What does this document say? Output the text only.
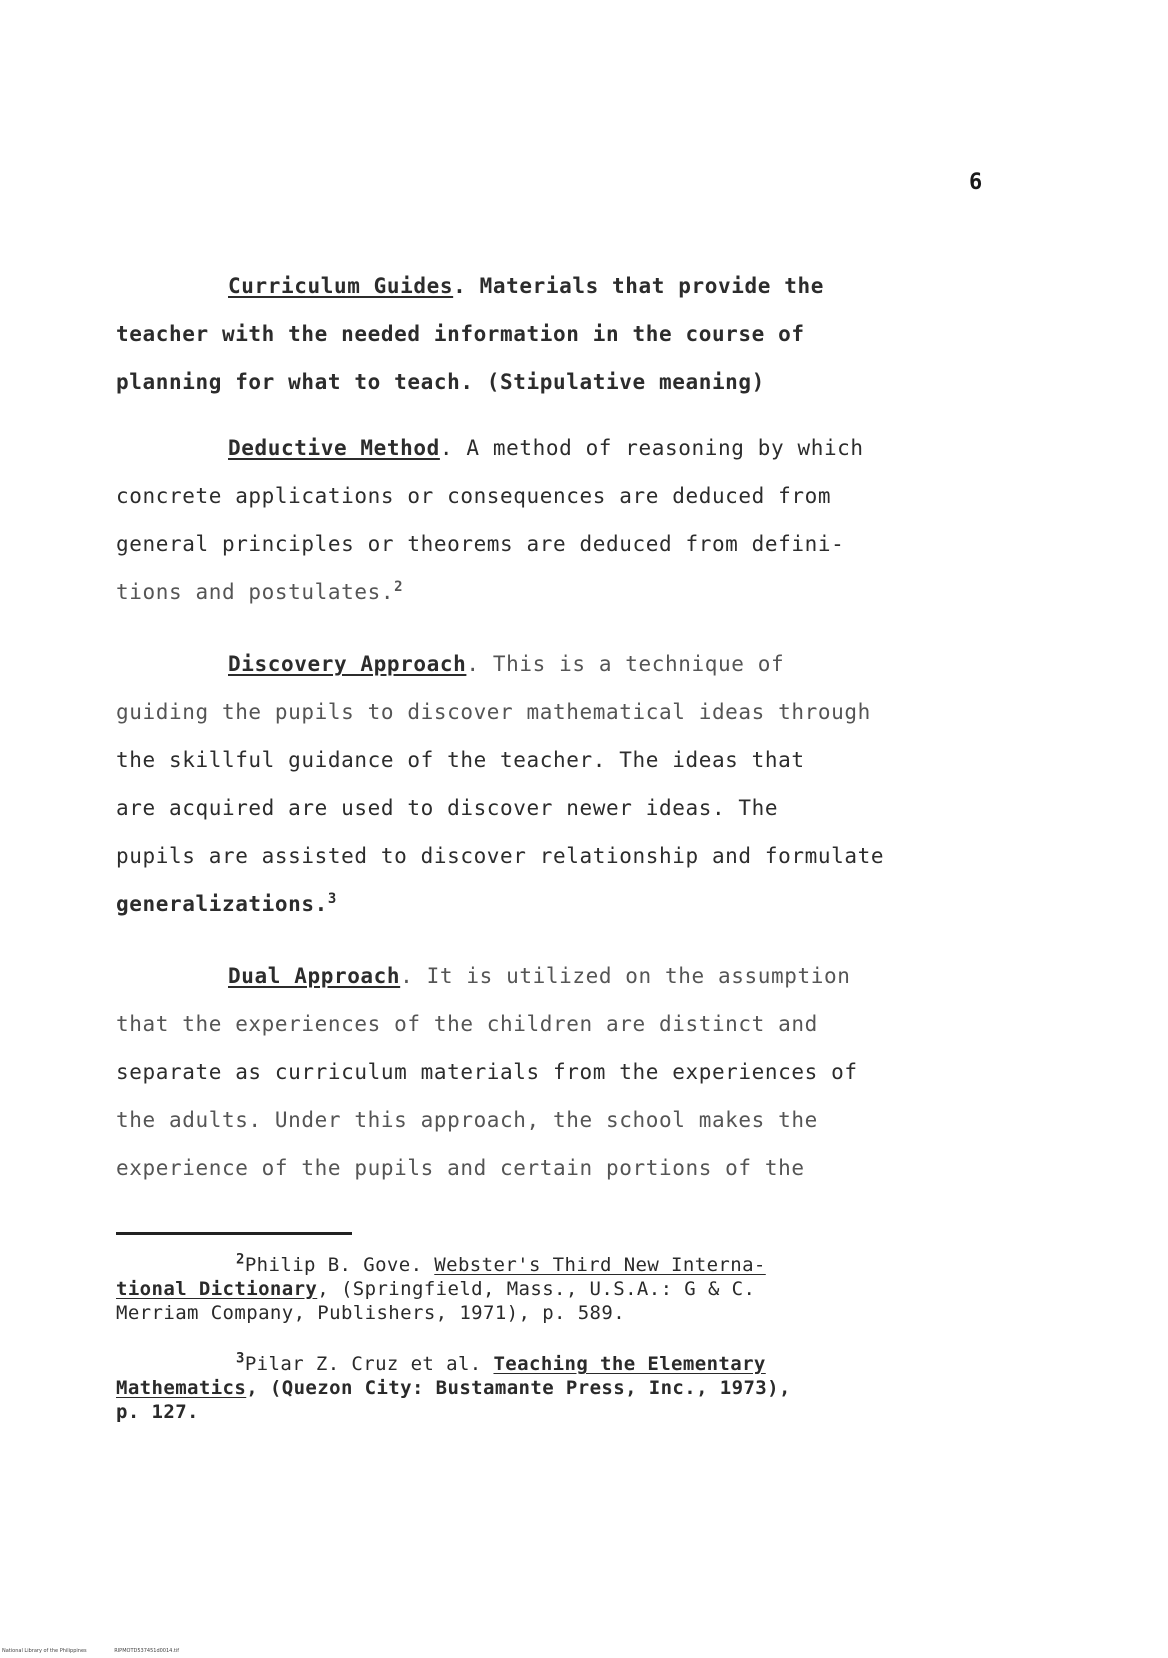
6
Curriculum Guides. Materials that provide the
teacher with the needed information in the course of
planning for what to teach. (Stipulative meaning)
Deductive Method. A method of reasoning by which
concrete applications or consequences are deduced from
general principles or theorems are deduced from defini-
tions and postulates.$^2$
Discovery Approach. This is a technique of
guiding the pupils to discover mathematical ideas through
the skillful guidance of the teacher. The ideas that
are acquired are used to discover newer ideas. The
pupils are assisted to discover relationship and formulate
generalizations.$^3$
Dual Approach. It is utilized on the assumption
that the experiences of the children are distinct and
separate as curriculum materials from the experiences of
the adults. Under this approach, the school makes the
experience of the pupils and certain portions of the
$^2$Philip B. Gove. Webster's Third New Interna-
tional Dictionary, (Springfield, Mass., U.S.A.: G & C.
Merriam Company, Publishers, 1971), p. 589.
$^3$Pilar Z. Cruz et al. Teaching the Elementary
Mathematics, (Quezon City: Bustamante Press, Inc., 1973),
p. 127.
National Library of the Philippines	RIPMOTD537451d0014.tif
